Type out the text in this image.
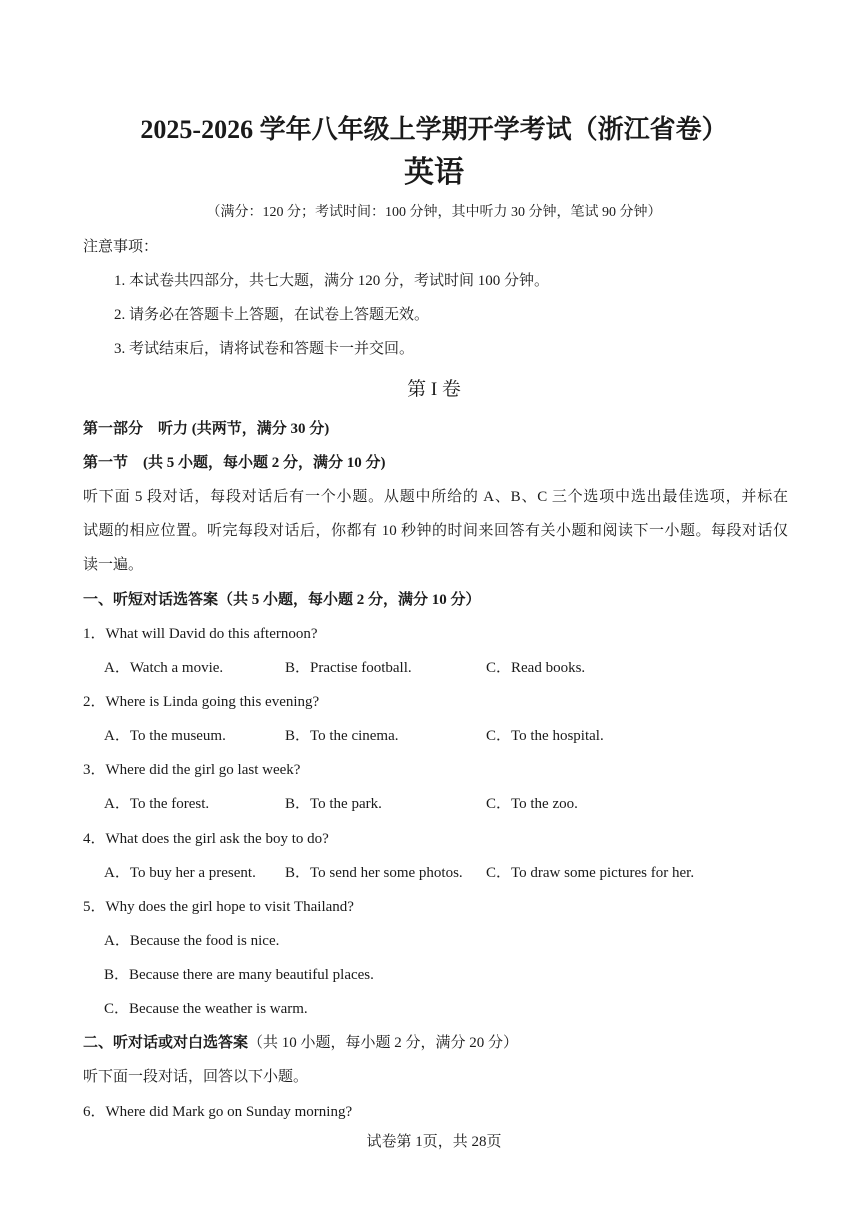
2025-2026 学年八年级上学期开学考试（浙江省卷）
英语
（满分：120 分；考试时间：100 分钟，其中听力 30 分钟，笔试 90 分钟）
注意事项：
1. 本试卷共四部分，共七大题，满分 120 分，考试时间 100 分钟。
2. 请务必在答题卡上答题，在试卷上答题无效。
3. 考试结束后，请将试卷和答题卡一并交回。
第 I 卷
第一部分　听力 (共两节，满分 30 分)
第一节　(共 5 小题，每小题 2 分，满分 10 分)
听下面 5 段对话，每段对话后有一个小题。从题中所给的 A、B、C 三个选项中选出最佳选项，并标在
试题的相应位置。听完每段对话后，你都有 10 秒钟的时间来回答有关小题和阅读下一小题。每段对话仅
读一遍。
一、听短对话选答案（共 5 小题，每小题 2 分，满分 10 分）
1．What will David do this afternoon?
A．Watch a movie.	B．Practise football.	C．Read books.
2．Where is Linda going this evening?
A．To the museum.	B．To the cinema.	C．To the hospital.
3．Where did the girl go last week?
A．To the forest.	B．To the park.	C．To the zoo.
4．What does the girl ask the boy to do?
A．To buy her a present. B．To send her some photos. C．To draw some pictures for her.
5．Why does the girl hope to visit Thailand?
A．Because the food is nice.
B．Because there are many beautiful places.
C．Because the weather is warm.
二、听对话或对白选答案（共 10 小题，每小题 2 分，满分 20 分）
听下面一段对话，回答以下小题。
6．Where did Mark go on Sunday morning?
试卷第 1页，共 28页
